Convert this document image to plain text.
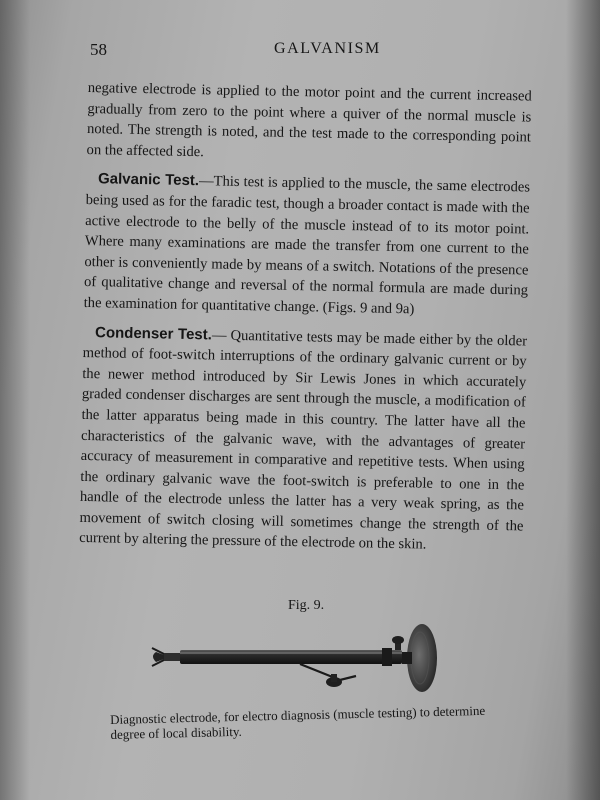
58	GALVANISM

negative electrode is applied to the motor point and the current increased gradually from zero to the point where a quiver of the normal muscle is noted. The strength is noted, and the test made to the corresponding point on the affected side.

Galvanic Test.—This test is applied to the muscle, the same electrodes being used as for the faradic test, though a broader contact is made with the active electrode to the belly of the muscle instead of to its motor point. Where many examinations are made the transfer from one current to the other is conveniently made by means of a switch. Notations of the presence of qualitative change and reversal of the normal formula are made during the examination for quantitative change. (Figs. 9 and 9a)

Condenser Test.— Quantitative tests may be made either by the older method of foot-switch interruptions of the ordinary galvanic current or by the newer method introduced by Sir Lewis Jones in which accurately graded condenser discharges are sent through the muscle, a modification of the latter apparatus being made in this country. The latter have all the characteristics of the galvanic wave, with the advantages of greater accuracy of measurement in comparative and repetitive tests. When using the ordinary galvanic wave the foot-switch is preferable to one in the handle of the electrode unless the latter has a very weak spring, as the movement of switch closing will sometimes change the strength of the current by altering the pressure of the electrode on the skin.

Fig. 9.
Diagnostic electrode, for electro diagnosis (muscle testing) to determine degree of local disability.
